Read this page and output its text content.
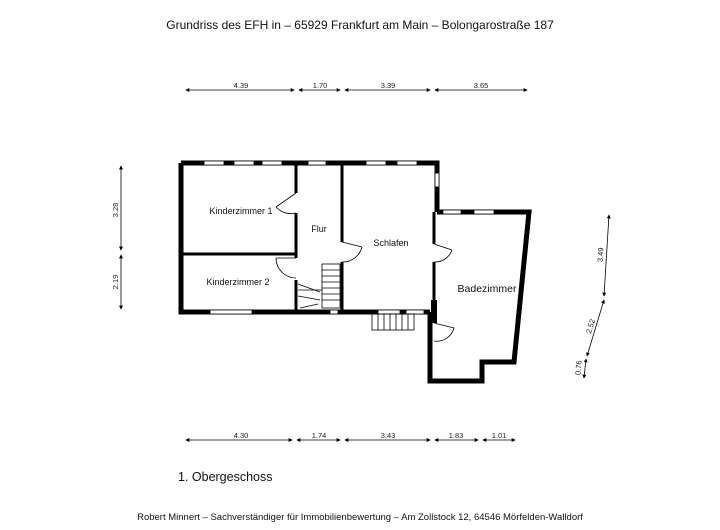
Grundriss des EFH in – 65929 Frankfurt am Main – Bolongarostraße 187
4.39	1.70	3.39	3.65
4.30	1.74	3.43	1.83	1.01
3.28
2.19
3.49
2.52
0.76
Kinderzimmer 1
Kinderzimmer 2
Flur
Schlafen
Badezimmer
1. Obergeschoss
Robert Minnert – Sachverständiger für Immobilienbewertung – Am Zollstock 12, 64546 Mörfelden-Walldorf
